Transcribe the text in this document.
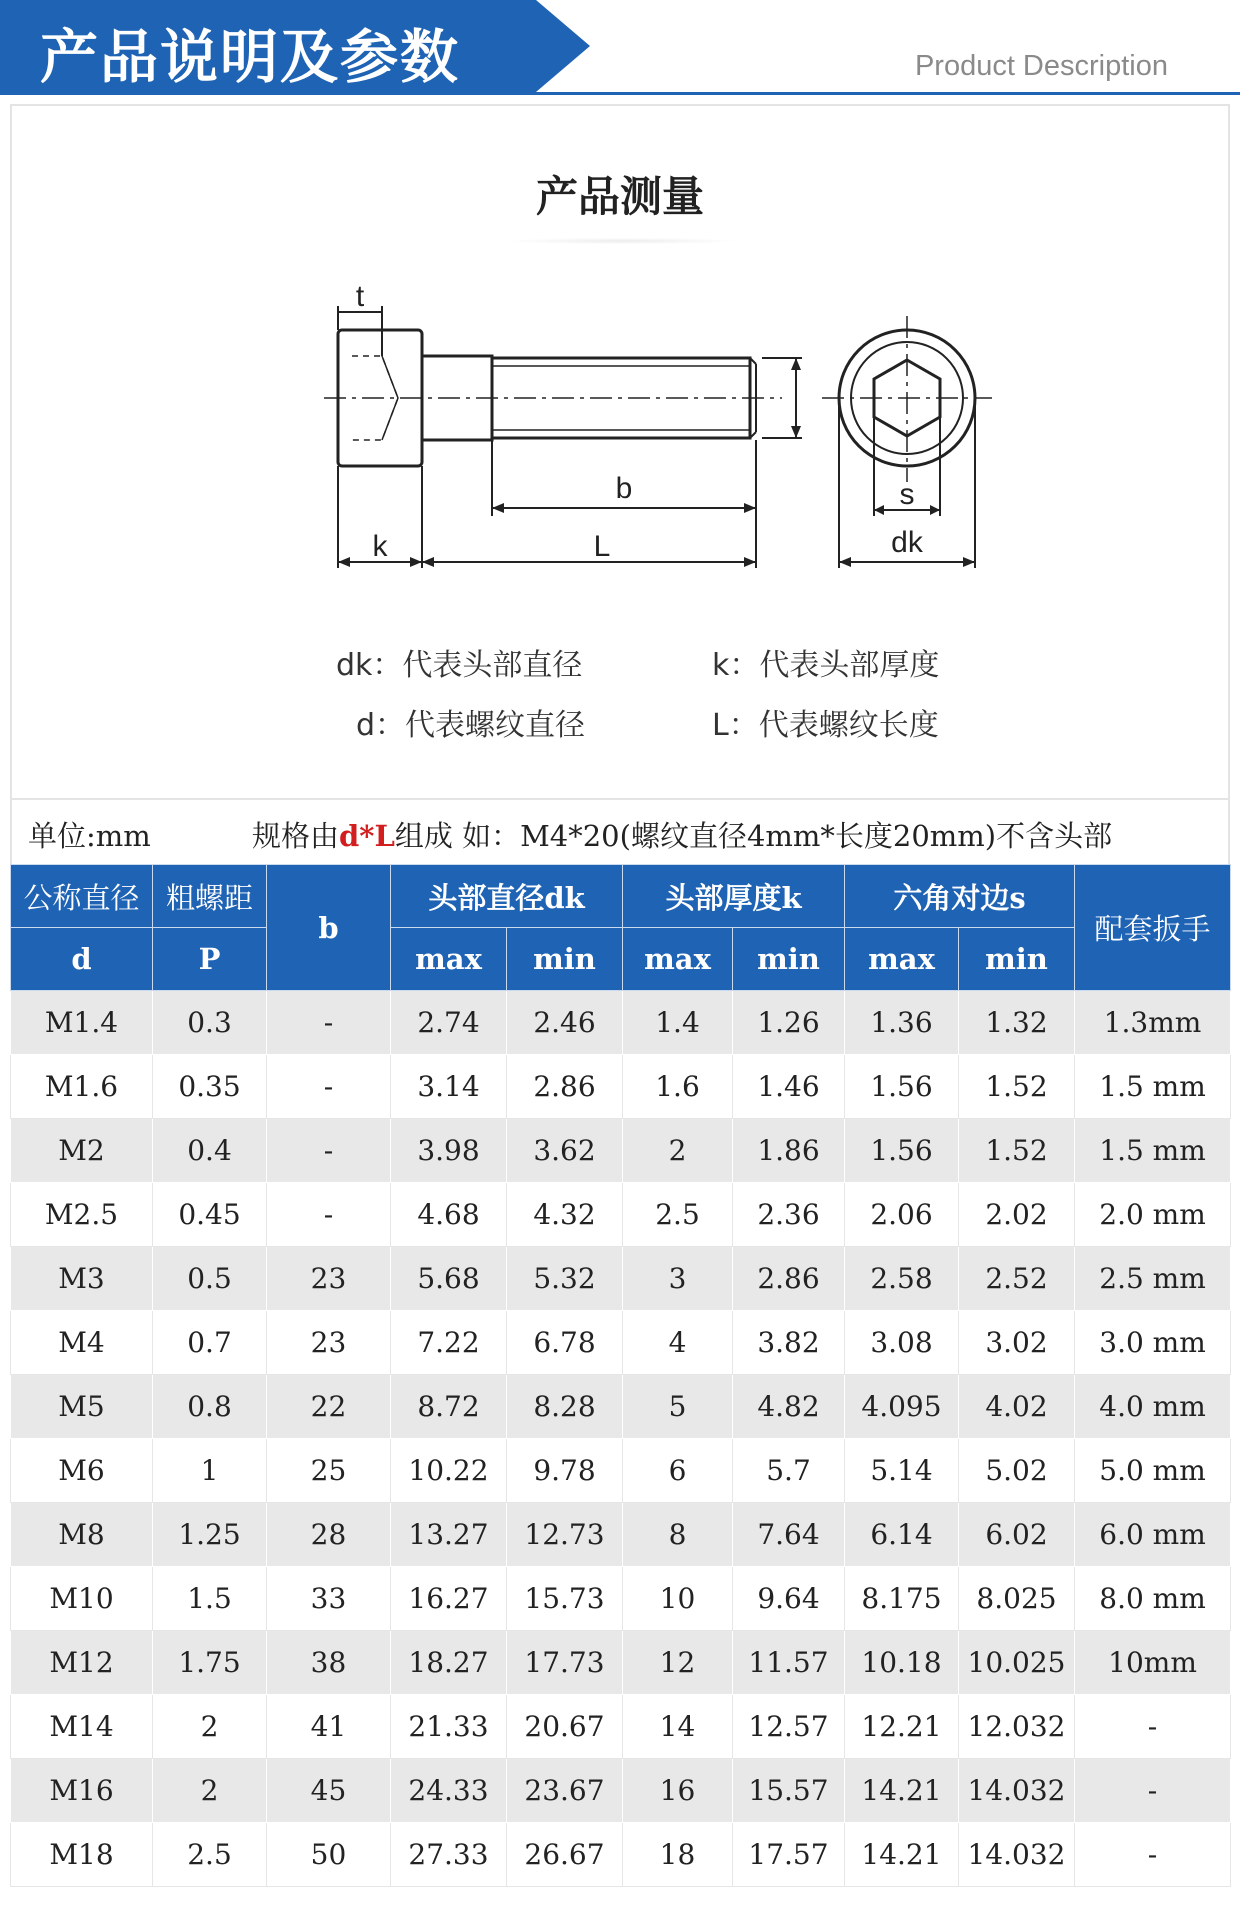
产品说明及参数	Product Description
产品测量
t
k
b
L
s
dk
dk：代表头部直径	k：代表头部厚度
d：代表螺纹直径	L：代表螺纹长度
单位:mm	规格由d*L组成 如：M4*20(螺纹直径4mm*长度20mm)不含头部
公称直径	粗螺距	b	头部直径dk		头部厚度k		六角对边s		配套扳手
d	P		max	min	max	min	max	min	
M1.4	0.3	-	2.74	2.46	1.4	1.26	1.36	1.32	1.3mm
M1.6	0.35	-	3.14	2.86	1.6	1.46	1.56	1.52	1.5 mm
M2	0.4	-	3.98	3.62	2	1.86	1.56	1.52	1.5 mm
M2.5	0.45	-	4.68	4.32	2.5	2.36	2.06	2.02	2.0 mm
M3	0.5	23	5.68	5.32	3	2.86	2.58	2.52	2.5 mm
M4	0.7	23	7.22	6.78	4	3.82	3.08	3.02	3.0 mm
M5	0.8	22	8.72	8.28	5	4.82	4.095	4.02	4.0 mm
M6	1	25	10.22	9.78	6	5.7	5.14	5.02	5.0 mm
M8	1.25	28	13.27	12.73	8	7.64	6.14	6.02	6.0 mm
M10	1.5	33	16.27	15.73	10	9.64	8.175	8.025	8.0 mm
M12	1.75	38	18.27	17.73	12	11.57	10.18	10.025	10mm
M14	2	41	21.33	20.67	14	12.57	12.21	12.032	-
M16	2	45	24.33	23.67	16	15.57	14.21	14.032	-
M18	2.5	50	27.33	26.67	18	17.57	14.21	14.032	-
